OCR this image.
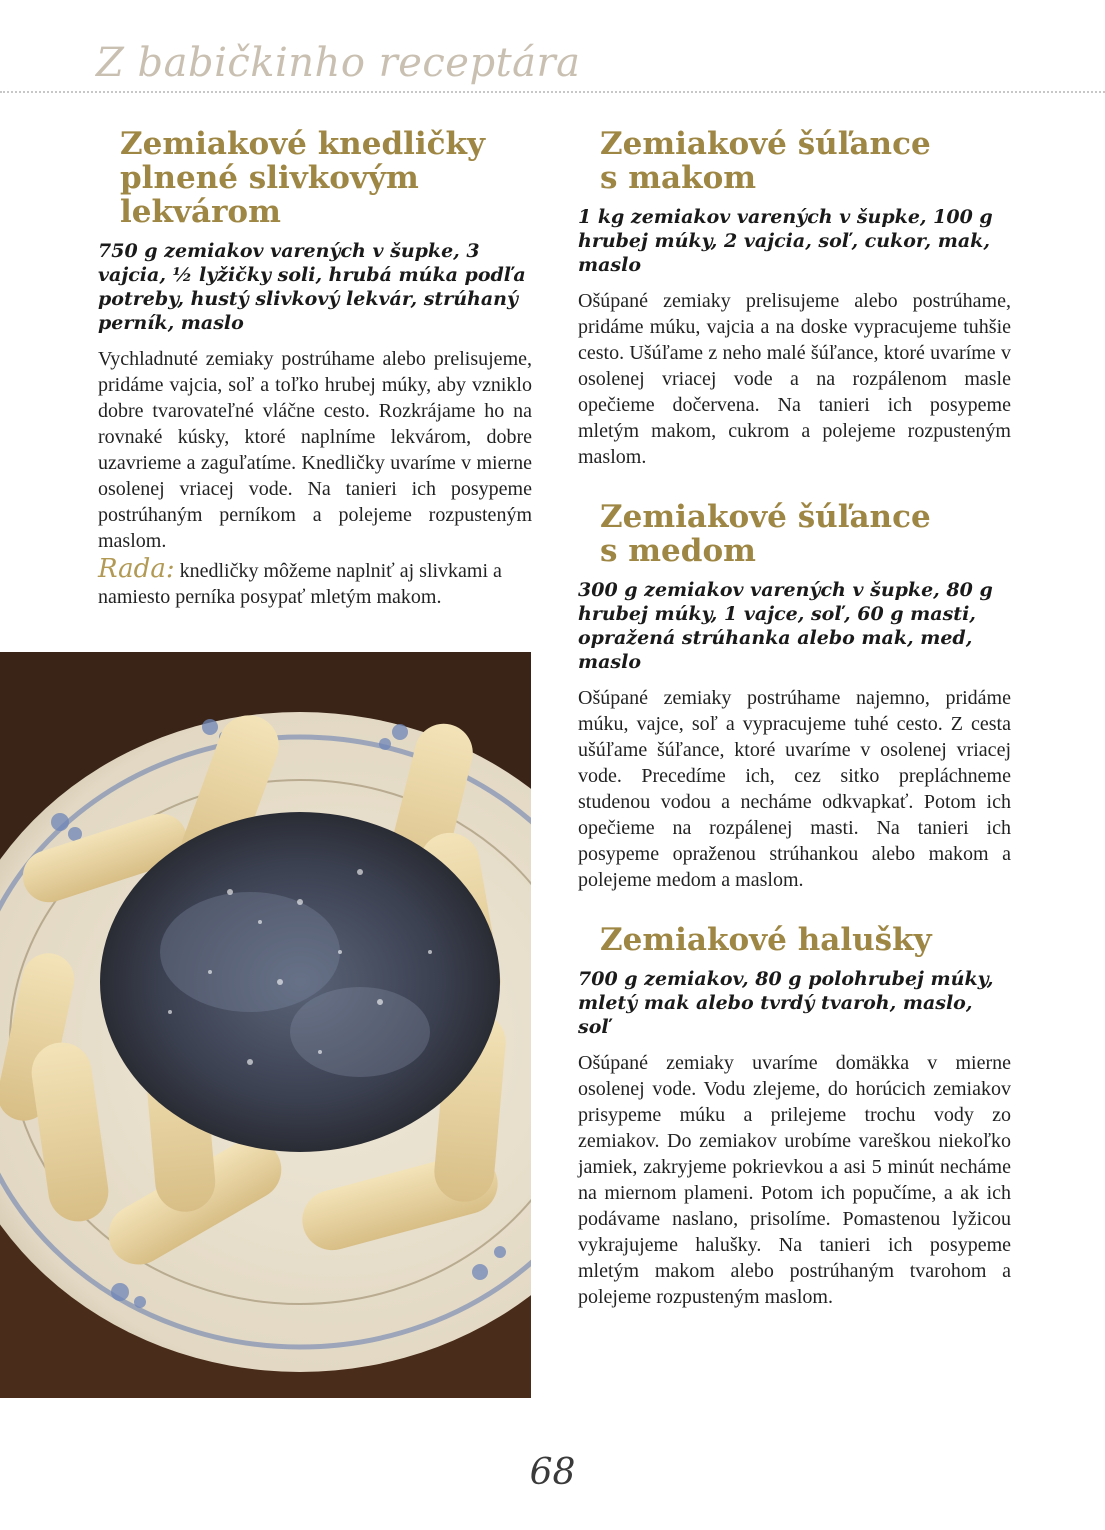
Z babičkinho receptára
Zemiakové knedličky
plnené slivkovým
lekvárom

750 g zemiakov varených v šupke, 3 vajcia, ½ lyžičky soli, hrubá múka podľa potreby, hustý slivkový lekvár, strúhaný perník, maslo

Vychladnuté zemiaky postrúhame alebo prelisujeme, pridáme vajcia, soľ a toľko hrubej múky, aby vzniklo dobre tvarovateľné vláčne cesto. Rozkrájame ho na rovnaké kúsky, ktoré naplníme lekvárom, dobre uzavrieme a zaguľatíme. Knedličky uvaríme v mierne osolenej vriacej vode. Na tanieri ich posypeme postrúhaným perníkom a polejeme rozpusteným maslom.

Rada: knedličky môžeme naplniť aj slivkami a namiesto perníka posypať mletým makom.

Zemiakové šúľance
s makom

1 kg zemiakov varených v šupke, 100 g hrubej múky, 2 vajcia, soľ, cukor, mak, maslo

Ošúpané zemiaky prelisujeme alebo postrúhame, pridáme múku, vajcia a na doske vypracujeme tuhšie cesto. Ušúľame z neho malé šúľance, ktoré uvaríme v osolenej vriacej vode a na rozpálenom masle opečieme dočervena. Na tanieri ich posypeme mletým makom, cukrom a polejeme rozpusteným maslom.

Zemiakové šúľance
s medom

300 g zemiakov varených v šupke, 80 g hrubej múky, 1 vajce, soľ, 60 g masti, opražená strúhanka alebo mak, med, maslo

Ošúpané zemiaky postrúhame najemno, pridáme múku, vajce, soľ a vypracujeme tuhé cesto. Z cesta ušúľame šúľance, ktoré uvaríme v osolenej vriacej vode. Precedíme ich, cez sitko prepláchneme studenou vodou a necháme odkvapkať. Potom ich opečieme na rozpálenej masti. Na tanieri ich posypeme opraženou strúhankou alebo makom a polejeme medom a maslom.

Zemiakové halušky

700 g zemiakov, 80 g polohrubej múky, mletý mak alebo tvrdý tvaroh, maslo, soľ

Ošúpané zemiaky uvaríme domäkka v mierne osolenej vode. Vodu zlejeme, do horúcich zemiakov prisypeme múku a prilejeme trochu vody zo zemiakov. Do zemiakov urobíme vareškou niekoľko jamiek, zakryjeme pokrievkou a asi 5 minút necháme na miernom plameni. Potom ich popučíme, a ak ich podávame naslano, prisolíme. Pomastenou lyžicou vykrajujeme halušky. Na tanieri ich posypeme mletým makom alebo postrúhaným tvarohom a polejeme rozpusteným maslom.

68
